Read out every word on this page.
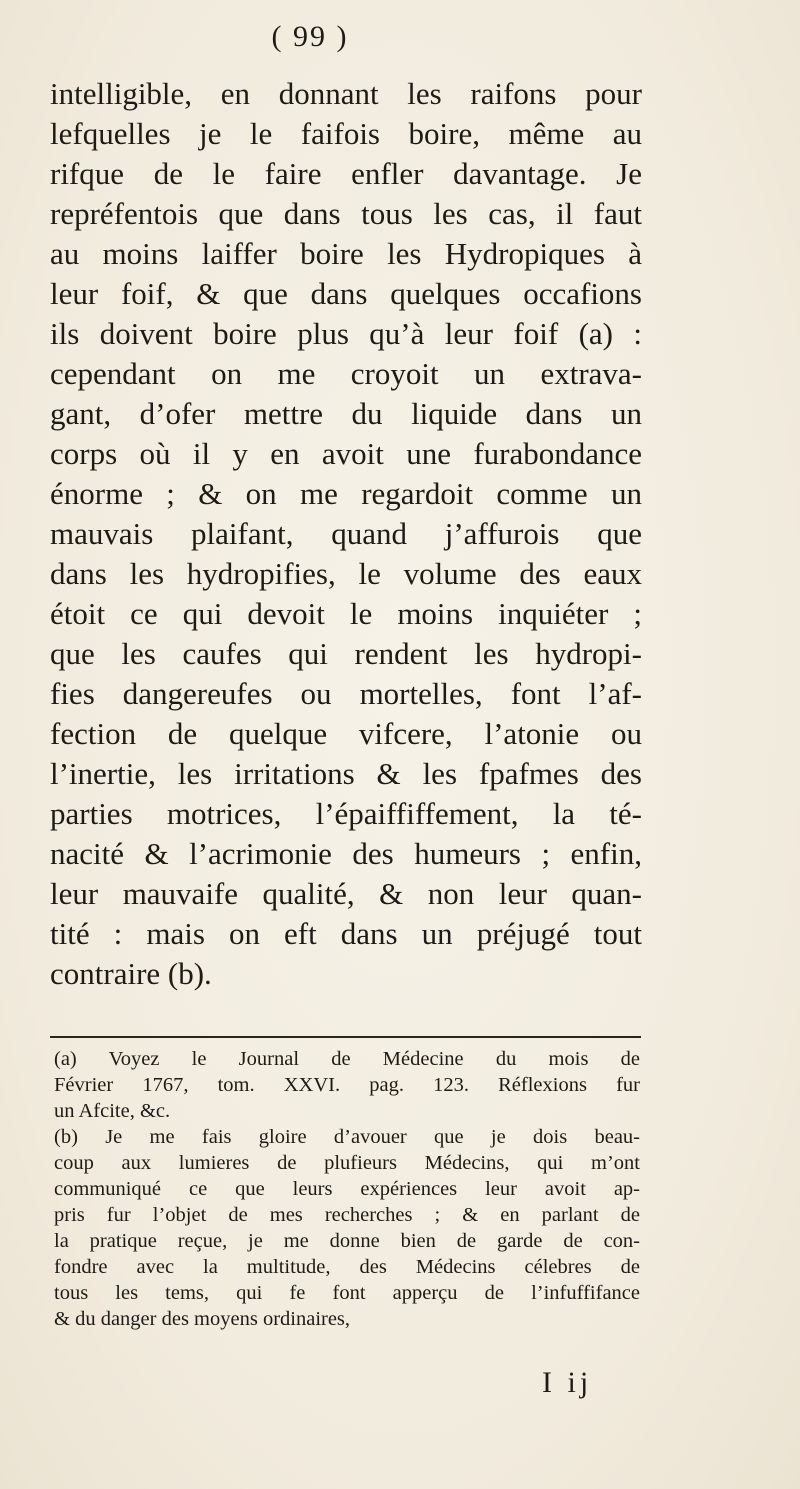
( 99 )
intelligible, en donnant les raifons pour
lefquelles je le faifois boire, même au
rifque de le faire enfler davantage. Je
repréfentois que dans tous les cas, il faut
au moins laiffer boire les Hydropiques à
leur foif, & que dans quelques occafions
ils doivent boire plus qu’à leur foif (a) :
cependant on me croyoit un extrava-
gant, d’ofer mettre du liquide dans un
corps où il y en avoit une furabondance
énorme ; & on me regardoit comme un
mauvais plaifant, quand j’affurois que
dans les hydropifies, le volume des eaux
étoit ce qui devoit le moins inquiéter ;
que les caufes qui rendent les hydropi-
fies dangereufes ou mortelles, font l’af-
fection de quelque vifcere, l’atonie ou
l’inertie, les irritations & les fpafmes des
parties motrices, l’épaiffiffement, la té-
nacité & l’acrimonie des humeurs ; enfin,
leur mauvaife qualité, & non leur quan-
tité : mais on eft dans un préjugé tout
contraire (b).
(a) Voyez le Journal de Médecine du mois de
Février 1767, tom. XXVI. pag. 123. Réflexions fur
un Afcite, &c.
(b) Je me fais gloire d’avouer que je dois beau-
coup aux lumieres de plufieurs Médecins, qui m’ont
communiqué ce que leurs expériences leur avoit ap-
pris fur l’objet de mes recherches ; & en parlant de
la pratique reçue, je me donne bien de garde de con-
fondre avec la multitude, des Médecins célebres de
tous les tems, qui fe font apperçu de l’infuffifance
& du danger des moyens ordinaires,
I ij
